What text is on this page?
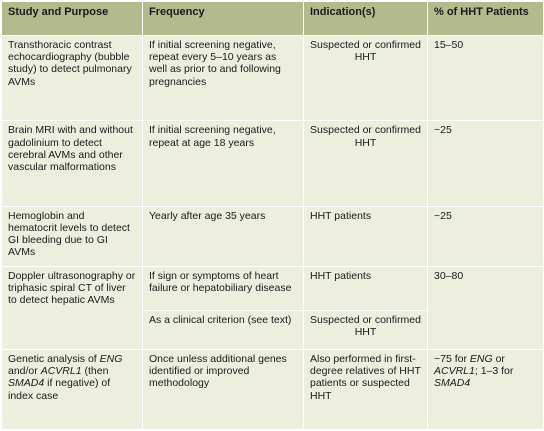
Study and Purpose	Frequency	Indication(s)	% of HHT Patients
Transthoracic contrast echocardiography (bubble study) to detect pulmonary AVMs	If initial screening negative, repeat every 5–10 years as well as prior to and following pregnancies	Suspected or confirmed HHT	15–50
Brain MRI with and without gadolinium to detect cerebral AVMs and other vascular malformations	If initial screening negative, repeat at age 18 years	Suspected or confirmed HHT	~25
Hemoglobin and hematocrit levels to detect GI bleeding due to GI AVMs	Yearly after age 35 years	HHT patients	~25
Doppler ultrasonography or triphasic spiral CT of liver to detect hepatic AVMs	If sign or symptoms of heart failure or hepatobiliary disease	HHT patients	30–80
	As a clinical criterion (see text)	Suspected or confirmed HHT	
Genetic analysis of ENG and/or ACVRL1 (then SMAD4 if negative) of index case	Once unless additional genes identified or improved methodology	Also performed in first-degree relatives of HHT patients or suspected HHT	~75 for ENG or ACVRL1; 1–3 for SMAD4
